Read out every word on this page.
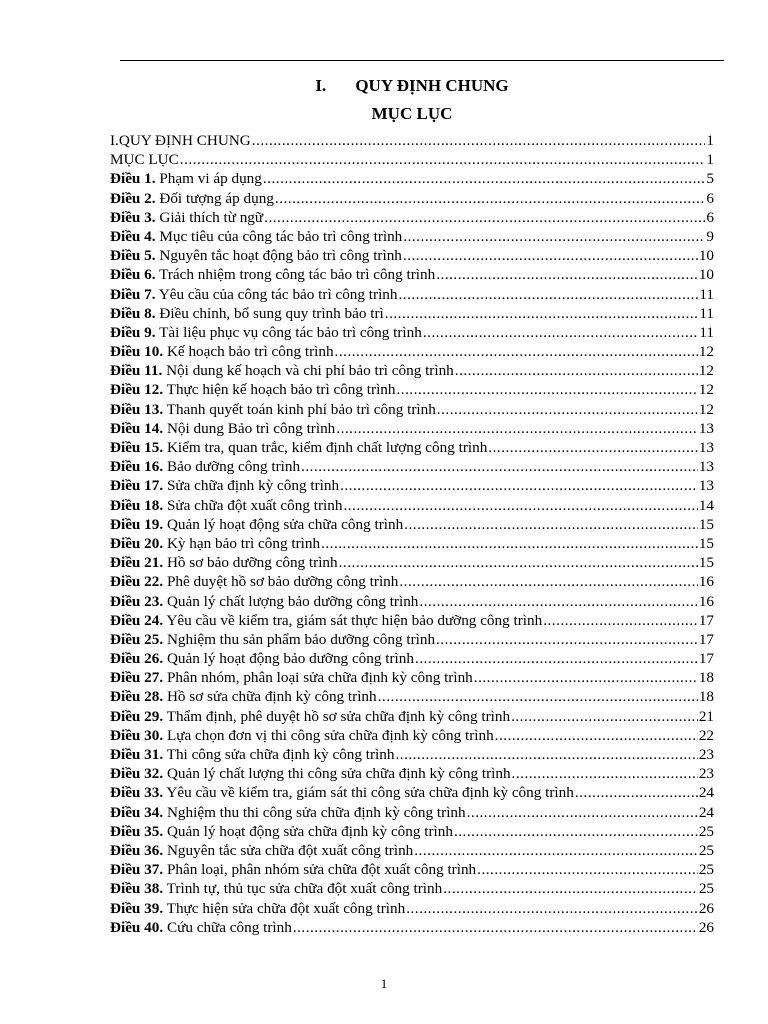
I. QUY ĐỊNH CHUNG
MỤC LỤC
I.QUY ĐỊNH CHUNG .....	1
MỤC LỤC .....	1
Điều 1. Phạm vi áp dụng .....	5
Điều 2. Đối tượng áp dụng .....	6
Điều 3. Giải thích từ ngữ .....	6
Điều 4. Mục tiêu của công tác bảo trì công trình .....	9
Điều 5. Nguyên tắc hoạt động bảo trì công trình .....	10
Điều 6. Trách nhiệm trong công tác bảo trì công trình .....	10
Điều 7. Yêu cầu của công tác bảo trì công trình .....	11
Điều 8. Điều chỉnh, bổ sung quy trình bảo trì .....	11
Điều 9. Tài liệu phục vụ công tác bảo trì công trình .....	11
Điều 10. Kế hoạch bảo trì công trình .....	12
Điều 11. Nội dung kế hoạch và chi phí bảo trì công trình .....	12
Điều 12. Thực hiện kế hoạch bảo trì công trình .....	12
Điều 13. Thanh quyết toán kinh phí bảo trì công trình .....	12
Điều 14. Nội dung Bảo trì công trình .....	13
Điều 15. Kiểm tra, quan trắc, kiểm định chất lượng công trình .....	13
Điều 16. Bảo dưỡng công trình .....	13
Điều 17. Sửa chữa định kỳ công trình .....	13
Điều 18. Sửa chữa đột xuất công trình .....	14
Điều 19. Quản lý hoạt động sửa chữa công trình .....	15
Điều 20. Kỳ hạn bảo trì công trình .....	15
Điều 21. Hồ sơ bảo dưỡng công trình .....	15
Điều 22. Phê duyệt hồ sơ bảo dưỡng công trình .....	16
Điều 23. Quản lý chất lượng bảo dưỡng công trình .....	16
Điều 24. Yêu cầu về kiểm tra, giám sát thực hiện bảo dưỡng công trình .....	17
Điều 25. Nghiệm thu sản phẩm bảo dưỡng công trình .....	17
Điều 26. Quản lý hoạt động bảo dưỡng công trình .....	17
Điều 27. Phân nhóm, phân loại sửa chữa định kỳ công trình .....	18
Điều 28. Hồ sơ sửa chữa định kỳ công trình .....	18
Điều 29. Thẩm định, phê duyệt hồ sơ sửa chữa định kỳ công trình .....	21
Điều 30. Lựa chọn đơn vị thi công sửa chữa định kỳ công trình .....	22
Điều 31. Thi công sửa chữa định kỳ công trình .....	23
Điều 32. Quản lý chất lượng thi công sửa chữa định kỳ công trình .....	23
Điều 33. Yêu cầu về kiểm tra, giám sát thi công sửa chữa định kỳ công trình .....	24
Điều 34. Nghiệm thu thi công sửa chữa định kỳ công trình .....	24
Điều 35. Quản lý hoạt động sửa chữa định kỳ công trình .....	25
Điều 36. Nguyên tắc sửa chữa đột xuất công trình .....	25
Điều 37. Phân loại, phân nhóm sửa chữa đột xuất công trình .....	25
Điều 38. Trình tự, thủ tục sửa chữa đột xuất công trình .....	25
Điều 39. Thực hiện sửa chữa đột xuất công trình .....	26
Điều 40. Cứu chữa công trình .....	26
1
